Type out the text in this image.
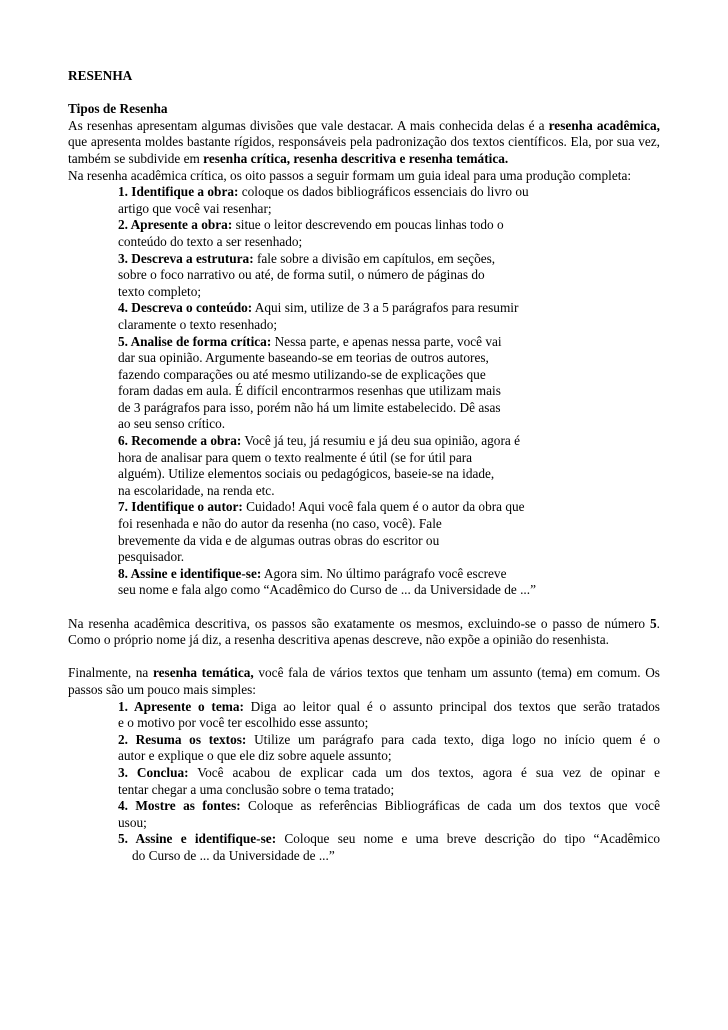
RESENHA

Tipos de Resenha

As resenhas apresentam algumas divisões que vale destacar. A mais conhecida delas é a resenha acadêmica, que apresenta moldes bastante rígidos, responsáveis pela padronização dos textos científicos. Ela, por sua vez, também se subdivide em resenha crítica, resenha descritiva e resenha temática.

Na resenha acadêmica crítica, os oito passos a seguir formam um guia ideal para uma produção completa:

1. Identifique a obra: coloque os dados bibliográficos essenciais do livro ou

artigo que você vai resenhar;

2. Apresente a obra: situe o leitor descrevendo em poucas linhas todo o

conteúdo do texto a ser resenhado;

3. Descreva a estrutura: fale sobre a divisão em capítulos, em seções,

sobre o foco narrativo ou até, de forma sutil, o número de páginas do

texto completo;

4. Descreva o conteúdo: Aqui sim, utilize de 3 a 5 parágrafos para resumir

claramente o texto resenhado;

5. Analise de forma crítica: Nessa parte, e apenas nessa parte, você vai

dar sua opinião. Argumente baseando-se em teorias de outros autores,

fazendo comparações ou até mesmo utilizando-se de explicações que

foram dadas em aula. É difícil encontrarmos resenhas que utilizam mais

de 3 parágrafos para isso, porém não há um limite estabelecido. Dê asas

ao seu senso crítico.

6. Recomende a obra: Você já teu, já resumiu e já deu sua opinião, agora é

hora de analisar para quem o texto realmente é útil (se for útil para

alguém). Utilize elementos sociais ou pedagógicos, baseie-se na idade,

na escolaridade, na renda etc.

7. Identifique o autor: Cuidado! Aqui você fala quem é o autor da obra que

foi resenhada e não do autor da resenha (no caso, você). Fale

brevemente da vida e de algumas outras obras do escritor ou

pesquisador.

8. Assine e identifique-se: Agora sim. No último parágrafo você escreve

seu nome e fala algo como “Acadêmico do Curso de ... da Universidade de ...”

Na resenha acadêmica descritiva, os passos são exatamente os mesmos, excluindo-se o passo de número 5. Como o próprio nome já diz, a resenha descritiva apenas descreve, não expõe a opinião do resenhista.

Finalmente, na resenha temática, você fala de vários textos que tenham um assunto (tema) em comum. Os passos são um pouco mais simples:

1. Apresente o tema: Diga ao leitor qual é o assunto principal dos textos que serão tratados

e o motivo por você ter escolhido esse assunto;

2. Resuma os textos: Utilize um parágrafo para cada texto, diga logo no início quem é o

autor e explique o que ele diz sobre aquele assunto;

3. Conclua: Você acabou de explicar cada um dos textos, agora é sua vez de opinar e

tentar chegar a uma conclusão sobre o tema tratado;

4. Mostre as fontes: Coloque as referências Bibliográficas de cada um dos textos que você

usou;

5. Assine e identifique-se: Coloque seu nome e uma breve descrição do tipo “Acadêmico

do Curso de ... da Universidade de ...”
